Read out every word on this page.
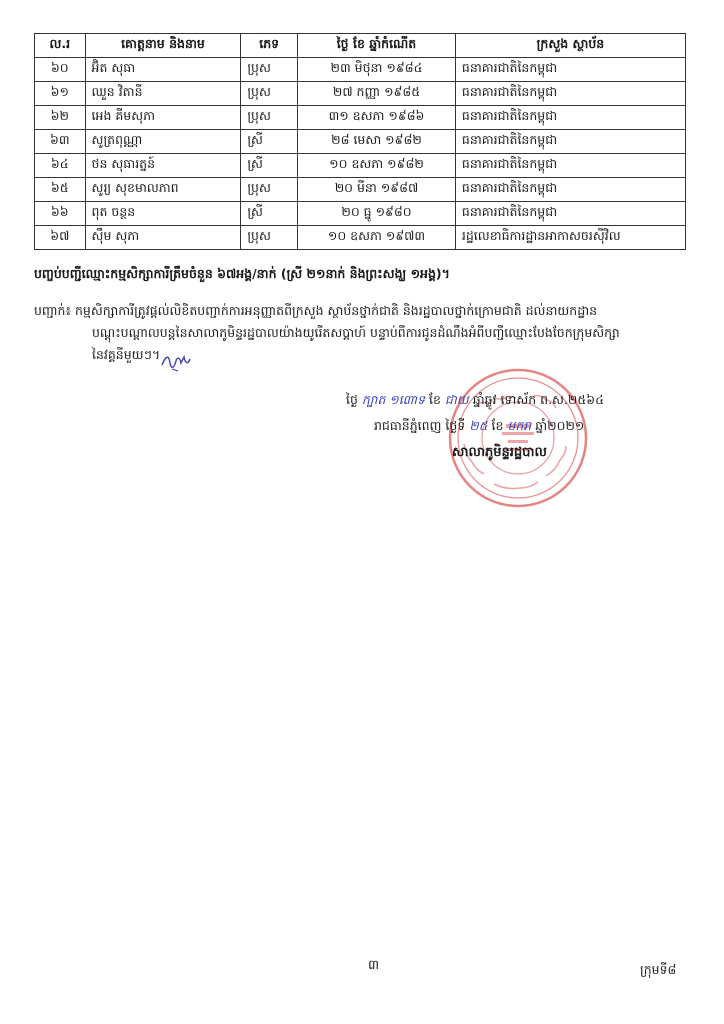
ល.រ	គោត្តនាម និងនាម	ភេទ	ថ្ងៃ ខែ ឆ្នាំកំណើត	ក្រសួង ស្ថាប័ន
៦០	អ៊ិត សុធា	ប្រុស	២៣ មិថុនា ១៩៨៤	ធនាគារជាតិនៃកម្ពុជា
៦១	ឈួន វិតានី	ប្រុស	២៧ កញ្ញា ១៩៨៥	ធនាគារជាតិនៃកម្ពុជា
៦២	អេង គីមសុភា	ប្រុស	៣១ ឧសភា ១៩៨៦	ធនាគារជាតិនៃកម្ពុជា
៦៣	សូត្រពុណ្ណា	ស្រី	២៨ មេសា ១៩៨២	ធនាគារជាតិនៃកម្ពុជា
៦៤	ថន សុធារត្នន៍	ស្រី	១០ ឧសភា ១៩៨២	ធនាគារជាតិនៃកម្ពុជា
៦៥	សូរ្យ សុខមាលភាព	ប្រុស	២០ មីនា ១៩៨៧	ធនាគារជាតិនៃកម្ពុជា
៦៦	ពុត ចន្ថន	ស្រី	២០ ធ្នូ ១៩៨០	ធនាគារជាតិនៃកម្ពុជា
៦៧	ស៊ឹម សុភា	ប្រុស	១០ ឧសភា ១៩៧៣	រដ្ឋលេខាធិការដ្ឋានអាកាសចរស៊ីវិល
បញ្ចប់បញ្ជីឈ្មោះកម្មសិក្សាការីត្រឹមចំនួន ៦៧អង្គ/នាក់ (ស្រី ២១នាក់ និងព្រះសង្ឃ ១អង្គ)។
បញ្ជាក់៖ កម្មសិក្សាការីត្រូវផ្តល់លិខិតបញ្ជាក់ការអនុញ្ញាតពីក្រសួង ស្ថាប័នថ្នាក់ជាតិ និងរដ្ឋបាលថ្នាក់ក្រោមជាតិ ដល់នាយកដ្ឋាន
បណ្តុះបណ្តាលបន្តនៃសាលាភូមិន្ទរដ្ឋបាលយ៉ាងយូរើតសប្តាហ៍ បន្ទាប់ពីការជូនដំណឹងអំពីបញ្ជីឈ្មោះបែងចែកក្រុមសិក្សា
នៃវគ្គនីមួយៗ។
ថ្ងៃ ក្បាត ១៣ោទ ខែ ជាយ ឆ្នាំឆ្លូវ ទោស័ក ព.ស.២៥៦៤
រាជធានីភ្នំពេញ ថ្ងៃទី ២៥ ខែ មករា ឆ្នាំ២០២១
សាលាភូមិន្ទរដ្ឋបាល
៣	ក្រុមទី៨
